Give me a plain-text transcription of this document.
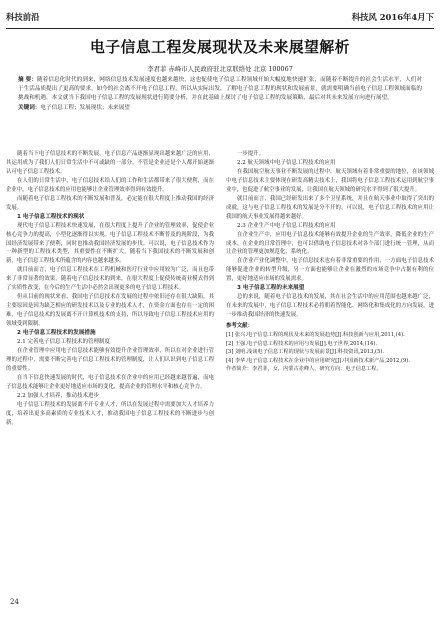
科技前沿	科技风 2016年4月下
电子信息工程发展现状及未来展望解析
李君菲 赤峰市人民政府驻北京联络处 北京 100067
摘 要：随着信息化时代的到来，网络信息技术发展速度也越来越快，这也促使电子信息工程领域开始大幅度地快速扩张，而随着不断提升的社会生活水平，人们对于生活品质提出了更高的要求，如今的社会离不开电子信息工程，所以从实际出发，了解电子信息工程的现状和发展前景，就需要明确当前电子信息工程领域面临的挑战和机遇。本文就当下我国电子信息工程的发展现状进行简要分析，并在此基础上探讨了电子信息工程的发展策略，最后对其未来发展方向进行展望。
关键词：电子信息工程；发展现状；未来展望

随着当下电子信息技术的不断发展，电子信息产品逐渐显现出越来越广泛的应用，其运用成为了我们人们日常生活中不可或缺的一部分。不管是企业还是个人都开始逐渐认可电子信息工程技术。

在人们的日常生活中，电子信息技术给人们的工作和生活都带来了很大便利，而在企业中，电子信息技术的应用也能够让企业管理效率得到有效提升。

而随着电子信息工程技术的不断发展和普及，必定能在很大程度上推动我国的经济发展。

1 电子信息工程技术的现状

现代电子信息工程技术快速发展，在很大程度上提升了企业的管理效率，促使企业核心竞争力的提高，小型化逐渐得以实现。电子信息工程技术不断普及的现阶段，为我国经济发展带来了便利，同时也推动我国经济发展的步伐。可以说，电子信息技术作为一种新型的工程技术类型，其重要性在不断扩大，随着当下我国技术的不断发展和创新，电子信息工程技术所蕴含的内容也越来越多。

就目前而言，电子信息工程技术在工程机械和医疗行业中应用较为广泛，而且也带来了非常显著的效果，随着电子信息技术的到来，在很大程度上促使传统商业模式得到了实质性改变，在今后的生产生活中必然会出现更多的电子信息工程技术。

但从目前的现状来看，我国电子信息技术在发展的过程中依旧还存在很大缺陷，其主要原因是因为缺乏相应的研发技术以及专业的技术人才，在资金方面也存在一定的困难，电子信息技术的发展离不开计算机技术的支持，所以导致电子信息工程技术应用的领域受到限制。

2 电子信息工程技术的发展措施

2.1 完善电子信息工程技术的管理制度

在企业管理中应用电子信息技术能够有效提升企业管理效率，所以在对企业进行管理的过程中，需要不断完善电子信息工程技术的管理制度，让人们认识到电子信息工程的重要性。

在当下信息快速发展的时代，电子信息技术在企业中的应用已经越来越普遍，而电子信息技术能够让企业更好地适应市场的变化，提高企业的管理水平和核心竞争力。

2.2 加强人才培养，推动技术进步

电子信息工程技术的发展离不开专业人才，所以在发展过程中需要加大人才培养力度，培养出更多高素质的专业技术人才，推动我国电子信息工程技术的不断进步与创新。

一步提升。

2.2 航天领域中电子信息工程技术的应用

在我国航空航天事业不断发展的过程中，航天领域有着非常重要的地位，在该领域中电子信息技术主要体现在研发高精尖技术上，我国将电子信息工程技术运用到航空事业中，也促进了航空事业的发展，让我国在航天领域的研究水平得到了很大提升。

就目前而言，我国已经研发出来了多个卫星系统，并且在航天事业中取得了突出的成就，这与电子信息工程技术的发展是分不开的，可以说，电子信息工程技术的应用让我国的航天事业发展得越来越好。

2.3 企业生产中电子信息工程技术的应用

在企业生产中，应用电子信息技术能够有效提升企业的生产效率，降低企业的生产成本，在企业的日常管理中，也可以借助电子信息技术对各个部门进行统一管理，从而让企业的管理更加规范化、系统化。

在企业产业化调整中，电子信息技术也有着非常重要的作用，一方面电子信息技术能够促进企业的转型升级，另一方面也能够让企业在激烈的市场竞争中占据有利的位置，更好地适应市场的发展需求。

3 电子信息工程的未来展望

总的来说，随着电子信息技术的发展，其在社会生活中的应用范围也越来越广泛，在未来的发展中，电子信息工程技术必将朝着智能化、网络化和集成化的方向发展，进一步推动我国经济的快速发展。

参考文献：

[1] 张兴.电子信息工程的现状及未来的发展趋势[J].科技创新与应用,2011,(4).

[2] 王强.电子信息工程技术的应用与发展[J].电子世界,2014,(14).

[3] 刘明.浅谈电子信息工程的现状与发展前景[J].科技资讯,2013,(5).

[4] 李华.电子信息工程技术在企业中的应用研究[J].中国新技术新产品,2012,(9).

作者简介：李君菲，女，内蒙古赤峰人，研究方向：电子信息工程。

24
